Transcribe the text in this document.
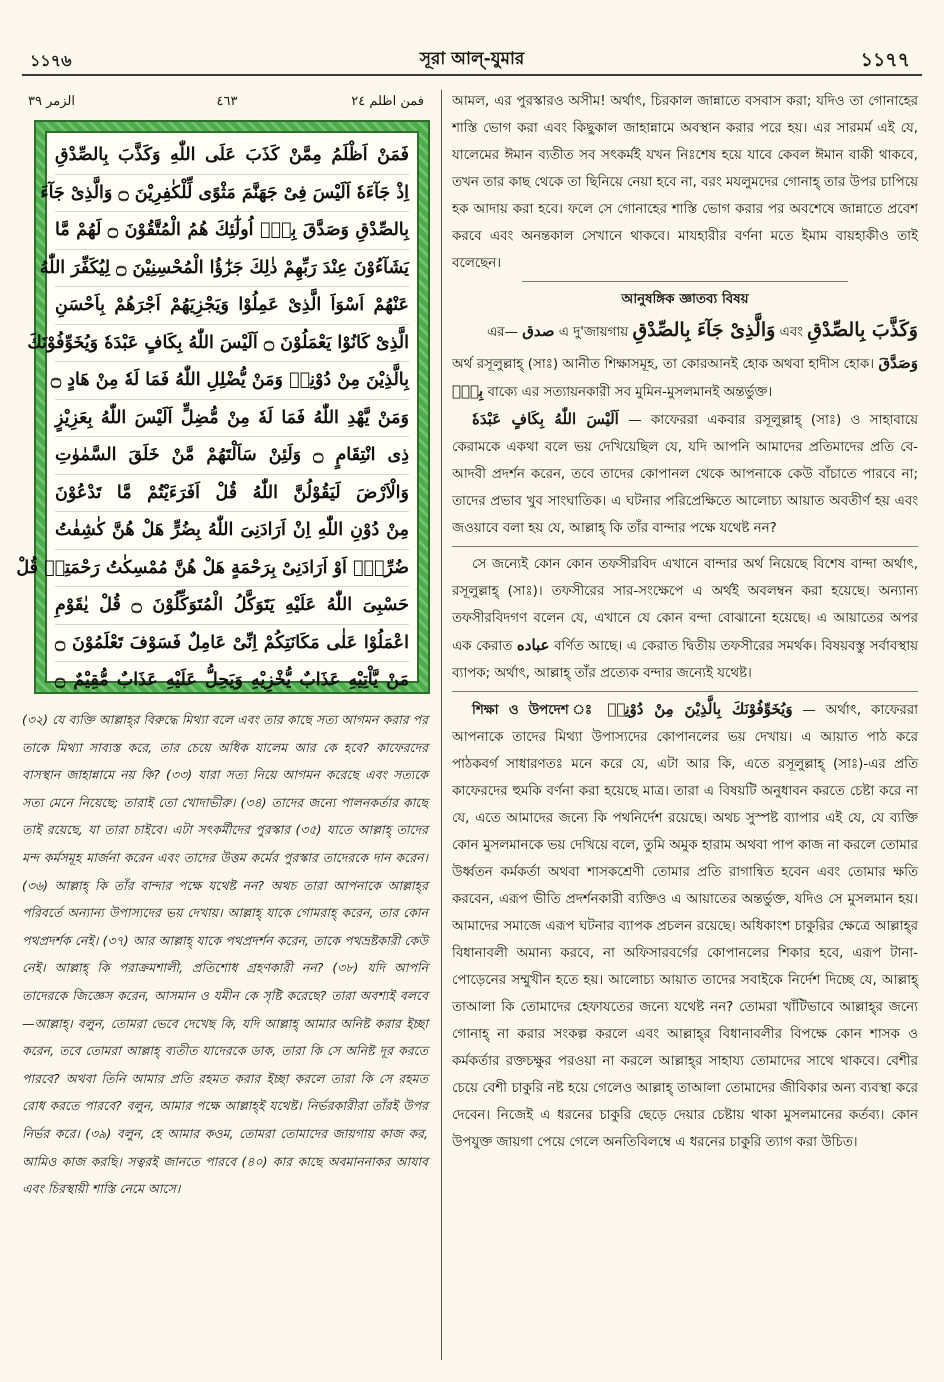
১১৭৬	সূরা আল্‌-যুমার	১১৭৭
الزمر ٣٩	٤٦٣	فمن اظلم ٢٤
فَمَنْ اَظْلَمُ مِمَّنْ كَذَبَ عَلَى اللّٰهِ وَكَذَّبَ بِالصِّدْقِ
اِذْ جَآءَهٗ اَلَيْسَ فِىْ جَهَنَّمَ مَثْوًى لِّلْكٰفِرِيْنَ ۝ وَالَّذِىْ جَآءَ
بِالصِّدْقِ وَصَدَّقَ بِهٖٓ اُولٰٓئِكَ هُمُ الْمُتَّقُوْنَ ۝ لَهُمْ مَّا
يَشَآءُوْنَ عِنْدَ رَبِّهِمْ ذٰلِكَ جَزٰٓؤُا الْمُحْسِنِيْنَ ۝ لِيُكَفِّرَ اللّٰهُ
عَنْهُمْ اَسْوَاَ الَّذِىْ عَمِلُوْا وَيَجْزِيَهُمْ اَجْرَهُمْ بِاَحْسَنِ
الَّذِىْ كَانُوْا يَعْمَلُوْنَ ۝ اَلَيْسَ اللّٰهُ بِكَافٍ عَبْدَهٗ وَيُخَوِّفُوْنَكَ
بِالَّذِيْنَ مِنْ دُوْنِهٖ وَمَنْ يُّضْلِلِ اللّٰهُ فَمَا لَهٗ مِنْ هَادٍ ۝
وَمَنْ يَّهْدِ اللّٰهُ فَمَا لَهٗ مِنْ مُّضِلٍّ اَلَيْسَ اللّٰهُ بِعَزِيْزٍ
ذِى انْتِقَامٍ ۝ وَلَئِنْ سَاَلْتَهُمْ مَّنْ خَلَقَ السَّمٰوٰتِ
وَالْاَرْضَ لَيَقُوْلُنَّ اللّٰهُ قُلْ اَفَرَءَيْتُمْ مَّا تَدْعُوْنَ
مِنْ دُوْنِ اللّٰهِ اِنْ اَرَادَنِىَ اللّٰهُ بِضُرٍّ هَلْ هُنَّ كٰشِفٰتُ
ضُرِّهٖٓ اَوْ اَرَادَنِىْ بِرَحْمَةٍ هَلْ هُنَّ مُمْسِكٰتُ رَحْمَتِهٖ قُلْ
حَسْبِىَ اللّٰهُ عَلَيْهِ يَتَوَكَّلُ الْمُتَوَكِّلُوْنَ ۝ قُلْ يٰقَوْمِ
اعْمَلُوْا عَلٰى مَكَانَتِكُمْ اِنِّىْ عَامِلٌ فَسَوْفَ تَعْلَمُوْنَ ۝
مَنْ يَّاْتِيْهِ عَذَابٌ يُّخْزِيْهِ وَيَحِلُّ عَلَيْهِ عَذَابٌ مُّقِيْمٌ ۝
(৩২) যে ব্যক্তি আল্লাহ্‌র বিরুদ্ধে মিথ্যা বলে এবং তার কাছে সত্য আগমন করার পর তাকে মিথ্যা সাব্যস্ত করে, তার চেয়ে অধিক যালেম আর কে হবে? কাফেরদের বাসস্থান জাহান্নামে নয় কি? (৩৩) যারা সত্য নিয়ে আগমন করেছে এবং সত্যকে সত্য মেনে নিয়েছে; তারাই তো খোদাভীরু। (৩৪) তাদের জন্যে পালনকর্তার কাছে তাই রয়েছে, যা তারা চাইবে। এটা সৎকর্মীদের পুরস্কার (৩৫) যাতে আল্লাহ্‌ তাদের মন্দ কর্মসমূহ মার্জনা করেন এবং তাদের উত্তম কর্মের পুরস্কার তাদেরকে দান করেন। (৩৬) আল্লাহ্‌ কি তাঁর বান্দার পক্ষে যথেষ্ট নন? অথচ তারা আপনাকে আল্লাহ্‌র পরিবর্তে অন্যান্য উপাস্যদের ভয় দেখায়। আল্লাহ্‌ যাকে গোমরাহ্‌ করেন, তার কোন পথপ্রদর্শক নেই। (৩৭) আর আল্লাহ্‌ যাকে পথপ্রদর্শন করেন, তাকে পথভ্রষ্টকারী কেউ নেই। আল্লাহ্‌ কি পরাক্রমশালী, প্রতিশোধ গ্রহণকারী নন? (৩৮) যদি আপনি তাদেরকে জিজ্ঞেস করেন, আসমান ও যমীন কে সৃষ্টি করেছে? তারা অবশ্যই বলবে—আল্লাহ্‌। বলুন, তোমরা ভেবে দেখেছ কি, যদি আল্লাহ্‌ আমার অনিষ্ট করার ইচ্ছা করেন, তবে তোমরা আল্লাহ্‌ ব্যতীত যাদেরকে ডাক, তারা কি সে অনিষ্ট দূর করতে পারবে? অথবা তিনি আমার প্রতি রহমত করার ইচ্ছা করলে তারা কি সে রহমত রোধ করতে পারবে? বলুন, আমার পক্ষে আল্লাহ্‌ই যথেষ্ট। নির্ভরকারীরা তাঁরই উপর নির্ভর করে। (৩৯) বলুন, হে আমার কওম, তোমরা তোমাদের জায়গায় কাজ কর, আমিও কাজ করছি। সত্বরই জানতে পারবে (৪০) কার কাছে অবমাননাকর আযাব এবং চিরস্থায়ী শাস্তি নেমে আসে।

আমল, এর পুরস্কারও অসীম! অর্থাৎ, চিরকাল জান্নাতে বসবাস করা; যদিও তা গোনাহের শাস্তি ভোগ করা এবং কিছুকাল জাহান্নামে অবস্থান করার পরে হয়। এর সারমর্ম এই যে, যালেমের ঈমান ব্যতীত সব সৎকর্মই যখন নিঃশেষ হয়ে যাবে কেবল ঈমান বাকী থাকবে, তখন তার কাছ থেকে তা ছিনিয়ে নেয়া হবে না, বরং মযলুমদের গোনাহ্‌ তার উপর চাপিয়ে হক আদায় করা হবে। ফলে সে গোনাহের শাস্তি ভোগ করার পর অবশেষে জান্নাতে প্রবেশ করবে এবং অনন্তকাল সেখানে থাকবে। মাযহারীর বর্ণনা মতে ইমাম বায়হাকীও তাই বলেছেন।

আনুষঙ্গিক জ্ঞাতব্য বিষয়

وَكَذَّبَ بِالصِّدْقِ এবং وَالَّذِىْ جَآءَ بِالصِّدْقِ এ দু'জায়গায় صدق —এর

অর্থ রসূলুল্লাহ্‌ (সাঃ) আনীত শিক্ষাসমূহ, তা কোরআনই হোক অথবা হাদীস হোক। وَصَدَّقَ بِهٖٓ বাক্যে এর সত্যায়নকারী সব মুমিন-মুসলমানই অন্তর্ভুক্ত।

اَلَيْسَ اللّٰهُ بِكَافٍ عَبْدَهٗ — কাফেররা একবার রসূলুল্লাহ্‌ (সাঃ) ও সাহাবায়ে কেরামকে একথা বলে ভয় দেখিয়েছিল যে, যদি আপনি আমাদের প্রতিমাদের প্রতি বে-আদবী প্রদর্শন করেন, তবে তাদের কোপানল থেকে আপনাকে কেউ বাঁচাতে পারবে না; তাদের প্রভাব খুব সাংঘাতিক। এ ঘটনার পরিপ্রেক্ষিতে আলোচ্য আয়াত অবতীর্ণ হয় এবং জওয়াবে বলা হয় যে, আল্লাহ্‌ কি তাঁর বান্দার পক্ষে যথেষ্ট নন?

সে জন্যেই কোন কোন তফসীরবিদ এখানে বান্দার অর্থ নিয়েছে বিশেষ বান্দা অর্থাৎ, রসূলুল্লাহ্‌ (সাঃ)। তফসীরের সার-সংক্ষেপে এ অর্থই অবলম্বন করা হয়েছে। অন্যান্য তফসীরবিদগণ বলেন যে, এখানে যে কোন বন্দা বোঝানো হয়েছে। এ আয়াতের অপর এক কেরাত عباده বর্ণিত আছে। এ কেরাত দ্বিতীয় তফসীরের সমর্থক। বিষয়বস্তু সর্বাবস্থায় ব্যাপক; অর্থাৎ, আল্লাহ্‌ তাঁর প্রত্যেক বন্দার জন্যেই যথেষ্ট।

শিক্ষা ও উপদেশ ঃ وَيُخَوِّفُوْنَكَ بِالَّذِيْنَ مِنْ دُوْنِهٖ — অর্থাৎ, কাফেররা আপনাকে তাদের মিথ্যা উপাস্যদের কোপানলের ভয় দেখায়। এ আয়াত পাঠ করে পাঠকবর্গ সাধারণতঃ মনে করে যে, এটা আর কি, এতে রসূলুল্লাহ্‌ (সাঃ)-এর প্রতি কাফেরদের হুমকি বর্ণনা করা হয়েছে মাত্র। তারা এ বিষয়টি অনুধাবন করতে চেষ্টা করে না যে, এতে আমাদের জন্যে কি পথনির্দেশ রয়েছে। অথচ সুস্পষ্ট ব্যাপার এই যে, যে ব্যক্তি কোন মুসলমানকে ভয় দেখিয়ে বলে, তুমি অমুক হারাম অথবা পাপ কাজ না করলে তোমার উর্ধ্বতন কর্মকর্তা অথবা শাসকশ্রেণী তোমার প্রতি রাগান্বিত হবেন এবং তোমার ক্ষতি করবেন, এরূপ ভীতি প্রদর্শনকারী ব্যক্তিও এ আয়াতের অন্তর্ভুক্ত, যদিও সে মুসলমান হয়। আমাদের সমাজে এরূপ ঘটনার ব্যাপক প্রচলন রয়েছে। অধিকাংশ চাকুরির ক্ষেত্রে আল্লাহ্‌র বিধানাবলী অমান্য করবে, না অফিসারবর্গের কোপানলের শিকার হবে, এরূপ টানা-পোড়েনের সম্মুখীন হতে হয়। আলোচ্য আয়াত তাদের সবাইকে নির্দেশ দিচ্ছে যে, আল্লাহ্‌ তাআলা কি তোমাদের হেফাযতের জন্যে যথেষ্ট নন? তোমরা খাঁটিভাবে আল্লাহ্‌র জন্যে গোনাহ্‌ না করার সংকল্প করলে এবং আল্লাহ্‌র বিধানাবলীর বিপক্ষে কোন শাসক ও কর্মকর্তার রক্তচক্ষুর পরওয়া না করলে আল্লাহ্‌র সাহায্য তোমাদের সাথে থাকবে। বেশীর চেয়ে বেশী চাকুরি নষ্ট হয়ে গেলেও আল্লাহ্‌ তাআলা তোমাদের জীবিকার অন্য ব্যবস্থা করে দেবেন। নিজেই এ ধরনের চাকুরি ছেড়ে দেয়ার চেষ্টায় থাকা মুসলমানের কর্তব্য। কোন উপযুক্ত জায়গা পেয়ে গেলে অনতিবিলম্বে এ ধরনের চাকুরি ত্যাগ করা উচিত।
